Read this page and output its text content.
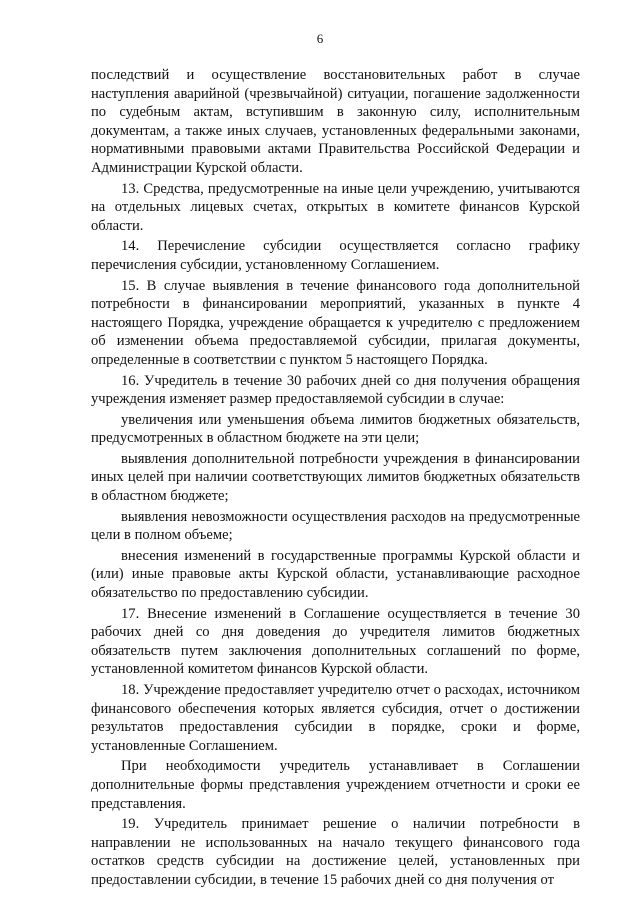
6

последствий и осуществление восстановительных работ в случае наступления аварийной (чрезвычайной) ситуации, погашение задолженности по судебным актам, вступившим в законную силу, исполнительным документам, а также иных случаев, установленных федеральными законами, нормативными правовыми актами Правительства Российской Федерации и Администрации Курской области.

13. Средства, предусмотренные на иные цели учреждению, учитываются на отдельных лицевых счетах, открытых в комитете финансов Курской области.

14. Перечисление субсидии осуществляется согласно графику перечисления субсидии, установленному Соглашением.

15. В случае выявления в течение финансового года дополнительной потребности в финансировании мероприятий, указанных в пункте 4 настоящего Порядка, учреждение обращается к учредителю с предложением об изменении объема предоставляемой субсидии, прилагая документы, определенные в соответствии с пунктом 5 настоящего Порядка.

16. Учредитель в течение 30 рабочих дней со дня получения обращения учреждения изменяет размер предоставляемой субсидии в случае:

увеличения или уменьшения объема лимитов бюджетных обязательств, предусмотренных в областном бюджете на эти цели;

выявления дополнительной потребности учреждения в финансировании иных целей при наличии соответствующих лимитов бюджетных обязательств в областном бюджете;

выявления невозможности осуществления расходов на предусмотренные цели в полном объеме;

внесения изменений в государственные программы Курской области и (или) иные правовые акты Курской области, устанавливающие расходное обязательство по предоставлению субсидии.

17. Внесение изменений в Соглашение осуществляется в течение 30 рабочих дней со дня доведения до учредителя лимитов бюджетных обязательств путем заключения дополнительных соглашений по форме, установленной комитетом финансов Курской области.

18. Учреждение предоставляет учредителю отчет о расходах, источником финансового обеспечения которых является субсидия, отчет о достижении результатов предоставления субсидии в порядке, сроки и форме, установленные Соглашением.

При необходимости учредитель устанавливает в Соглашении дополнительные формы представления учреждением отчетности и сроки ее представления.

19. Учредитель принимает решение о наличии потребности в направлении не использованных на начало текущего финансового года остатков средств субсидии на достижение целей, установленных при предоставлении субсидии, в течение 15 рабочих дней со дня получения от
